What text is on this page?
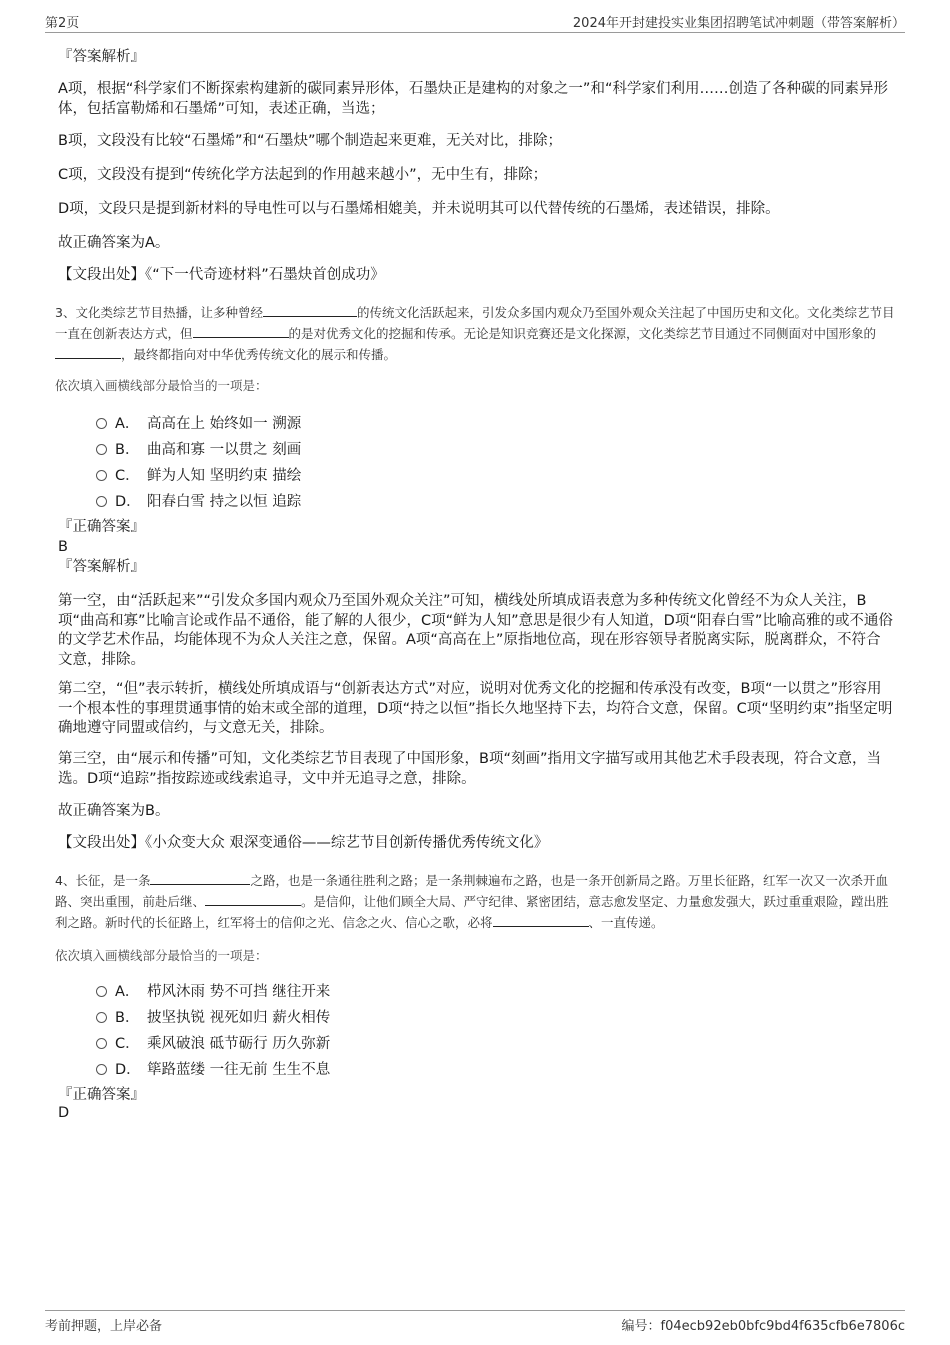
第2页	2024年开封建投实业集团招聘笔试冲刺题（带答案解析）
『答案解析』
A项，根据“科学家们不断探索构建新的碳同素异形体，石墨炔正是建构的对象之一”和“科学家们利用……创造了各种碳的同素异形体，包括富勒烯和石墨烯”可知，表述正确，当选；
B项，文段没有比较“石墨烯”和“石墨炔”哪个制造起来更难，无关对比，排除；
C项，文段没有提到“传统化学方法起到的作用越来越小”，无中生有，排除；
D项，文段只是提到新材料的导电性可以与石墨烯相媲美，并未说明其可以代替传统的石墨烯，表述错误，排除。
故正确答案为A。
【文段出处】《“下一代奇迹材料”石墨炔首创成功》
3、文化类综艺节目热播，让多种曾经	的传统文化活跃起来，引发众多国内观众乃至国外观众关注起了中国历史和文化。文化类综艺节目一直在创新表达方式，但	的是对优秀文化的挖掘和传承。无论是知识竞赛还是文化探源，文化类综艺节目通过不同侧面对中国形象的，最终都指向对中华优秀传统文化的展示和传播。
依次填入画横线部分最恰当的一项是：
A． 高高在上 始终如一 溯源
B． 曲高和寡 一以贯之 刻画
C． 鲜为人知 坚明约束 描绘
D． 阳春白雪 持之以恒 追踪
『正确答案』
B
『答案解析』
第一空，由“活跃起来”“引发众多国内观众乃至国外观众关注”可知，横线处所填成语表意为多种传统文化曾经不为众人关注，B项“曲高和寡”比喻言论或作品不通俗，能了解的人很少，C项“鲜为人知”意思是很少有人知道，D项“阳春白雪”比喻高雅的或不通俗的文学艺术作品，均能体现不为众人关注之意，保留。A项“高高在上”原指地位高，现在形容领导者脱离实际，脱离群众，不符合文意，排除。
第二空，“但”表示转折，横线处所填成语与“创新表达方式”对应，说明对优秀文化的挖掘和传承没有改变，B项“一以贯之”形容用一个根本性的事理贯通事情的始末或全部的道理，D项“持之以恒”指长久地坚持下去，均符合文意，保留。C项“坚明约束”指坚定明确地遵守同盟或信约，与文意无关，排除。
第三空，由“展示和传播”可知，文化类综艺节目表现了中国形象，B项“刻画”指用文字描写或用其他艺术手段表现，符合文意，当选。D项“追踪”指按踪迹或线索追寻，文中并无追寻之意，排除。
故正确答案为B。
【文段出处】《小众变大众 艰深变通俗——综艺节目创新传播优秀传统文化》
4、长征，是一条	之路，也是一条通往胜利之路；是一条荆棘遍布之路，也是一条开创新局之路。万里长征路，红军一次又一次杀开血路、突出重围，前赴后继、	。是信仰，让他们顾全大局、严守纪律、紧密团结，意志愈发坚定、力量愈发强大，跃过重重艰险，蹚出胜利之路。新时代的长征路上，红军将士的信仰之光、信念之火、信心之歌，必将	、一直传递。
依次填入画横线部分最恰当的一项是：
A． 栉风沐雨 势不可挡 继往开来
B． 披坚执锐 视死如归 薪火相传
C． 乘风破浪 砥节砺行 历久弥新
D． 筚路蓝缕 一往无前 生生不息
『正确答案』
D
考前押题，上岸必备	编号：f04ecb92eb0bfc9bd4f635cfb6e7806c
